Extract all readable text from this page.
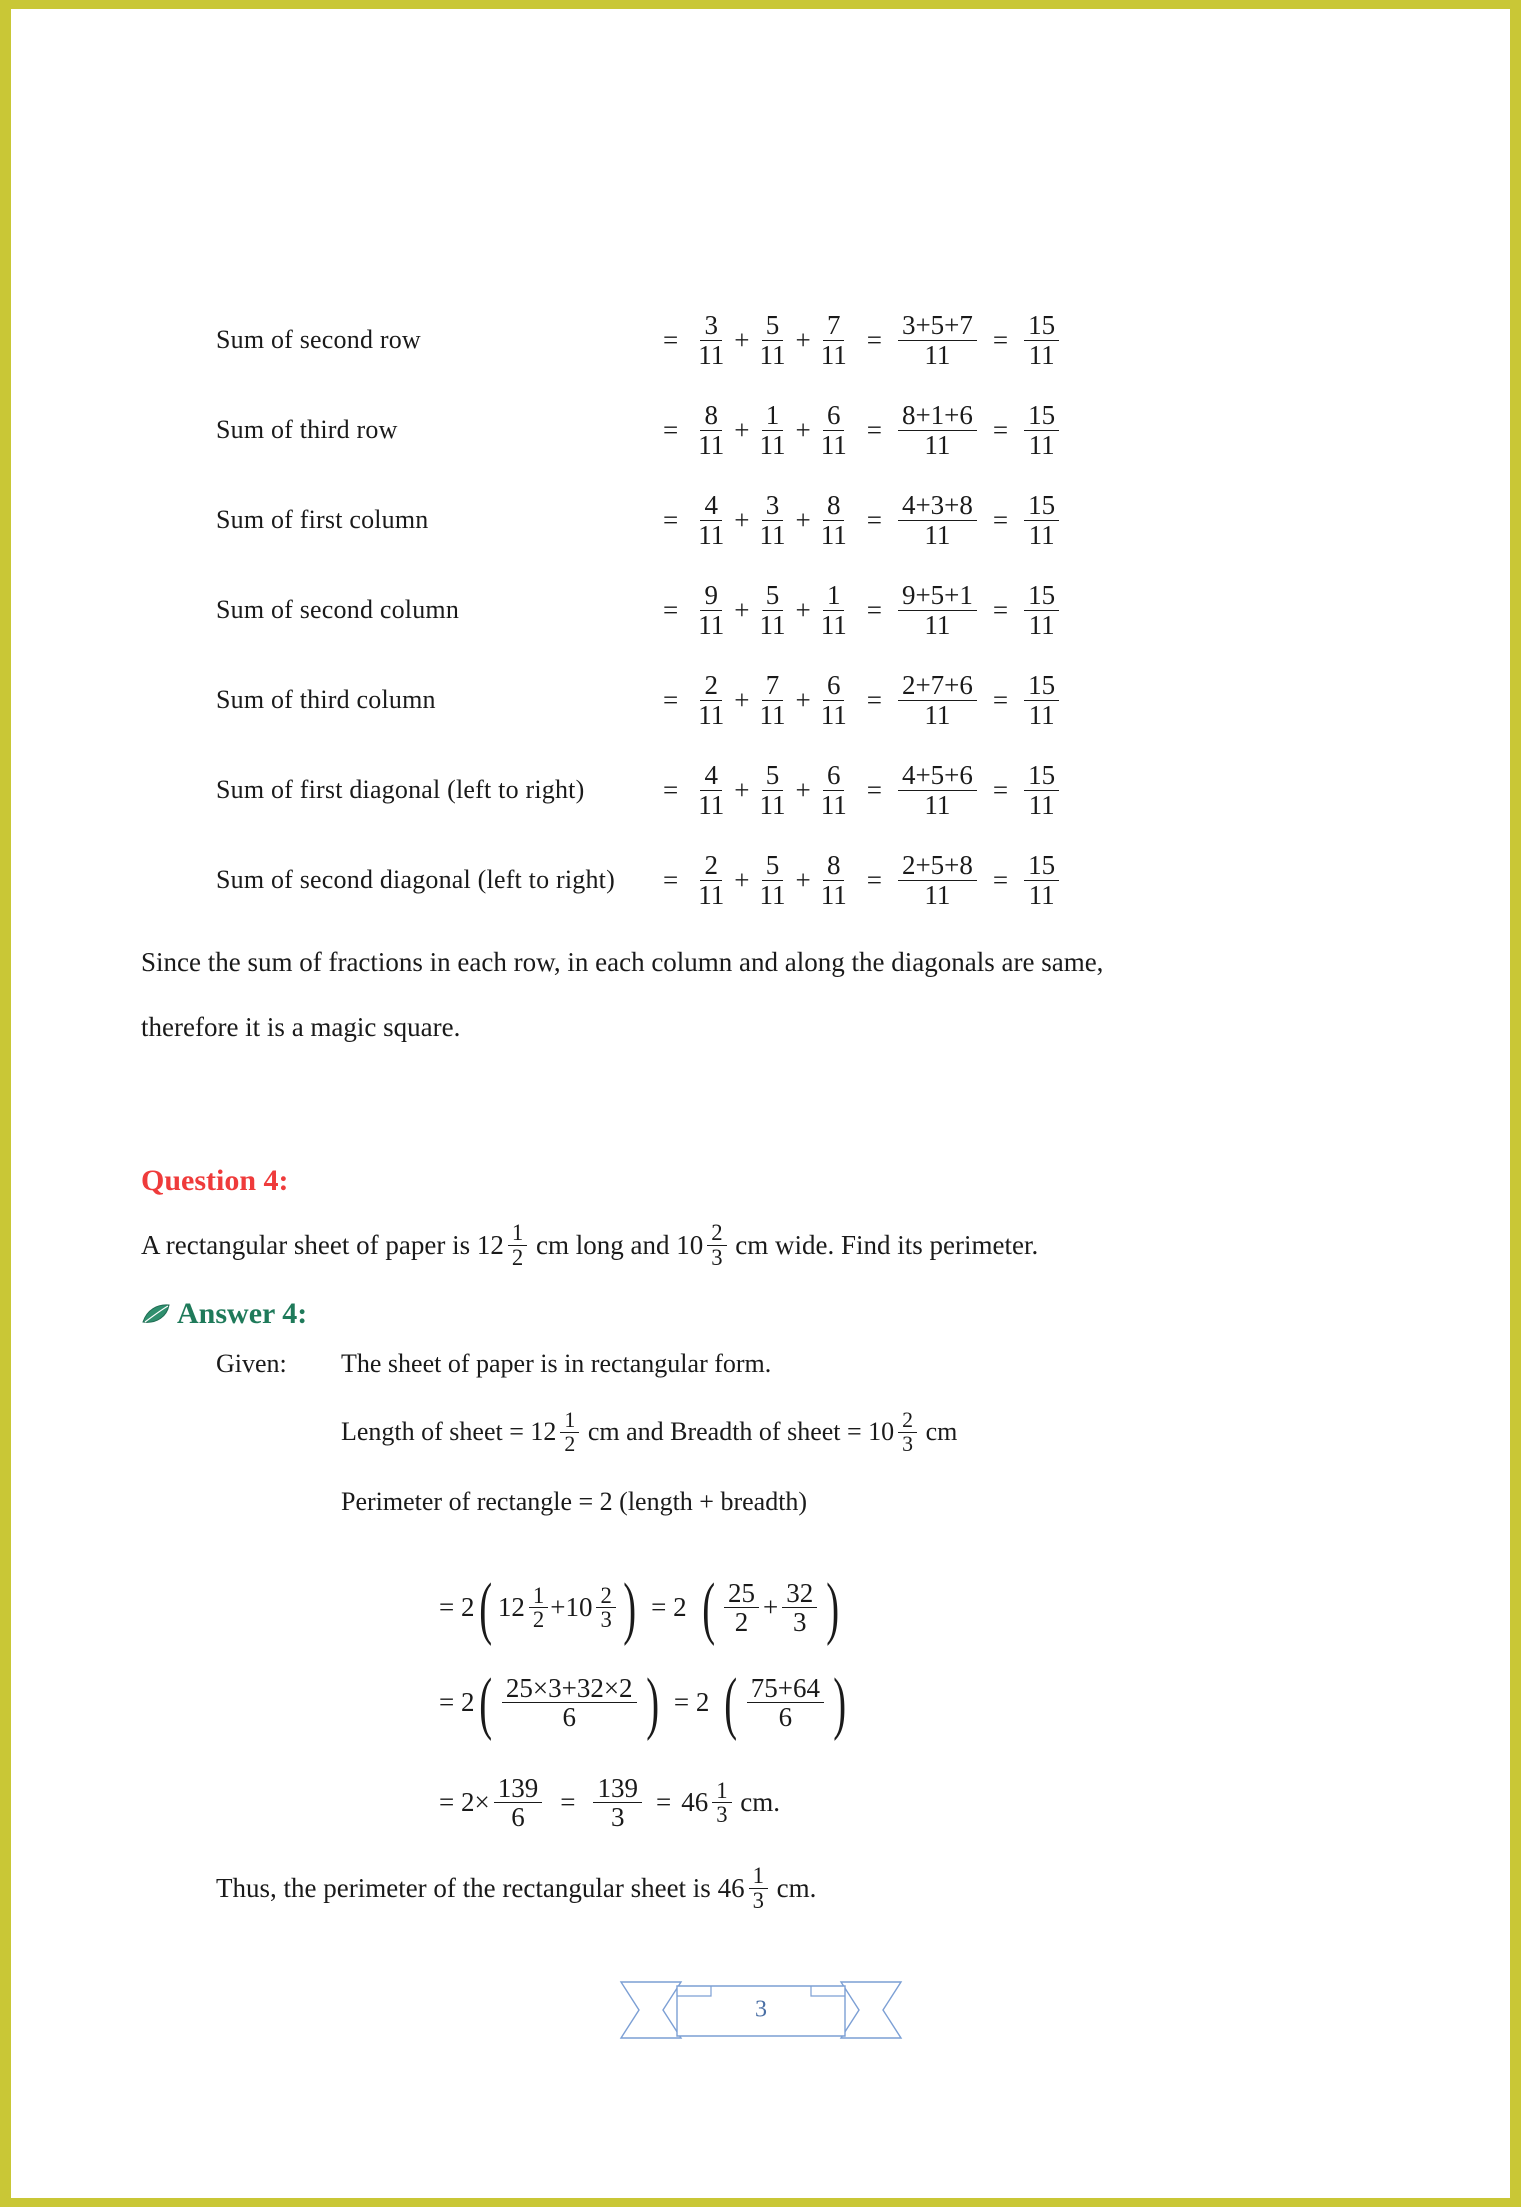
Sum of second row	= $\frac{3}{11} + \frac{5}{11} + \frac{7}{11} = \frac{3+5+7}{11} = \frac{15}{11}$
Sum of third row	= $\frac{8}{11} + \frac{1}{11} + \frac{6}{11} = \frac{8+1+6}{11} = \frac{15}{11}$
Sum of first column	= $\frac{4}{11} + \frac{3}{11} + \frac{8}{11} = \frac{4+3+8}{11} = \frac{15}{11}$
Sum of second column	= $\frac{9}{11} + \frac{5}{11} + \frac{1}{11} = \frac{9+5+1}{11} = \frac{15}{11}$
Sum of third column	= $\frac{2}{11} + \frac{7}{11} + \frac{6}{11} = \frac{2+7+6}{11} = \frac{15}{11}$
Sum of first diagonal (left to right)	= $\frac{4}{11} + \frac{5}{11} + \frac{6}{11} = \frac{4+5+6}{11} = \frac{15}{11}$
Sum of second diagonal (left to right)	= $\frac{2}{11} + \frac{5}{11} + \frac{8}{11} = \frac{2+5+8}{11} = \frac{15}{11}$
Since the sum of fractions in each row, in each column and along the diagonals are same,
therefore it is a magic square.
Question 4:
A rectangular sheet of paper is $12 \frac{1}{2}$ cm long and $10 \frac{2}{3}$ cm wide. Find its perimeter.
Answer 4:
Given: The sheet of paper is in rectangular form.
Length of sheet = $12 \frac{1}{2}$ cm and Breadth of sheet = $10 \frac{2}{3}$ cm
Perimeter of rectangle = 2 (length + breadth)
= 2 ( $12 \frac{1}{2} + 10 \frac{2}{3}$ ) = 2 ( $\frac{25}{2} + \frac{32}{3}$ )
= 2 ( $\frac{25\times 3+32\times 2}{6}$ ) = 2 ( $\frac{75+64}{6}$ )
= $2\times \frac{139}{6} = \frac{139}{3} = 46 \frac{1}{3}$ cm.
Thus, the perimeter of the rectangular sheet is $46 \frac{1}{3}$ cm.
3
